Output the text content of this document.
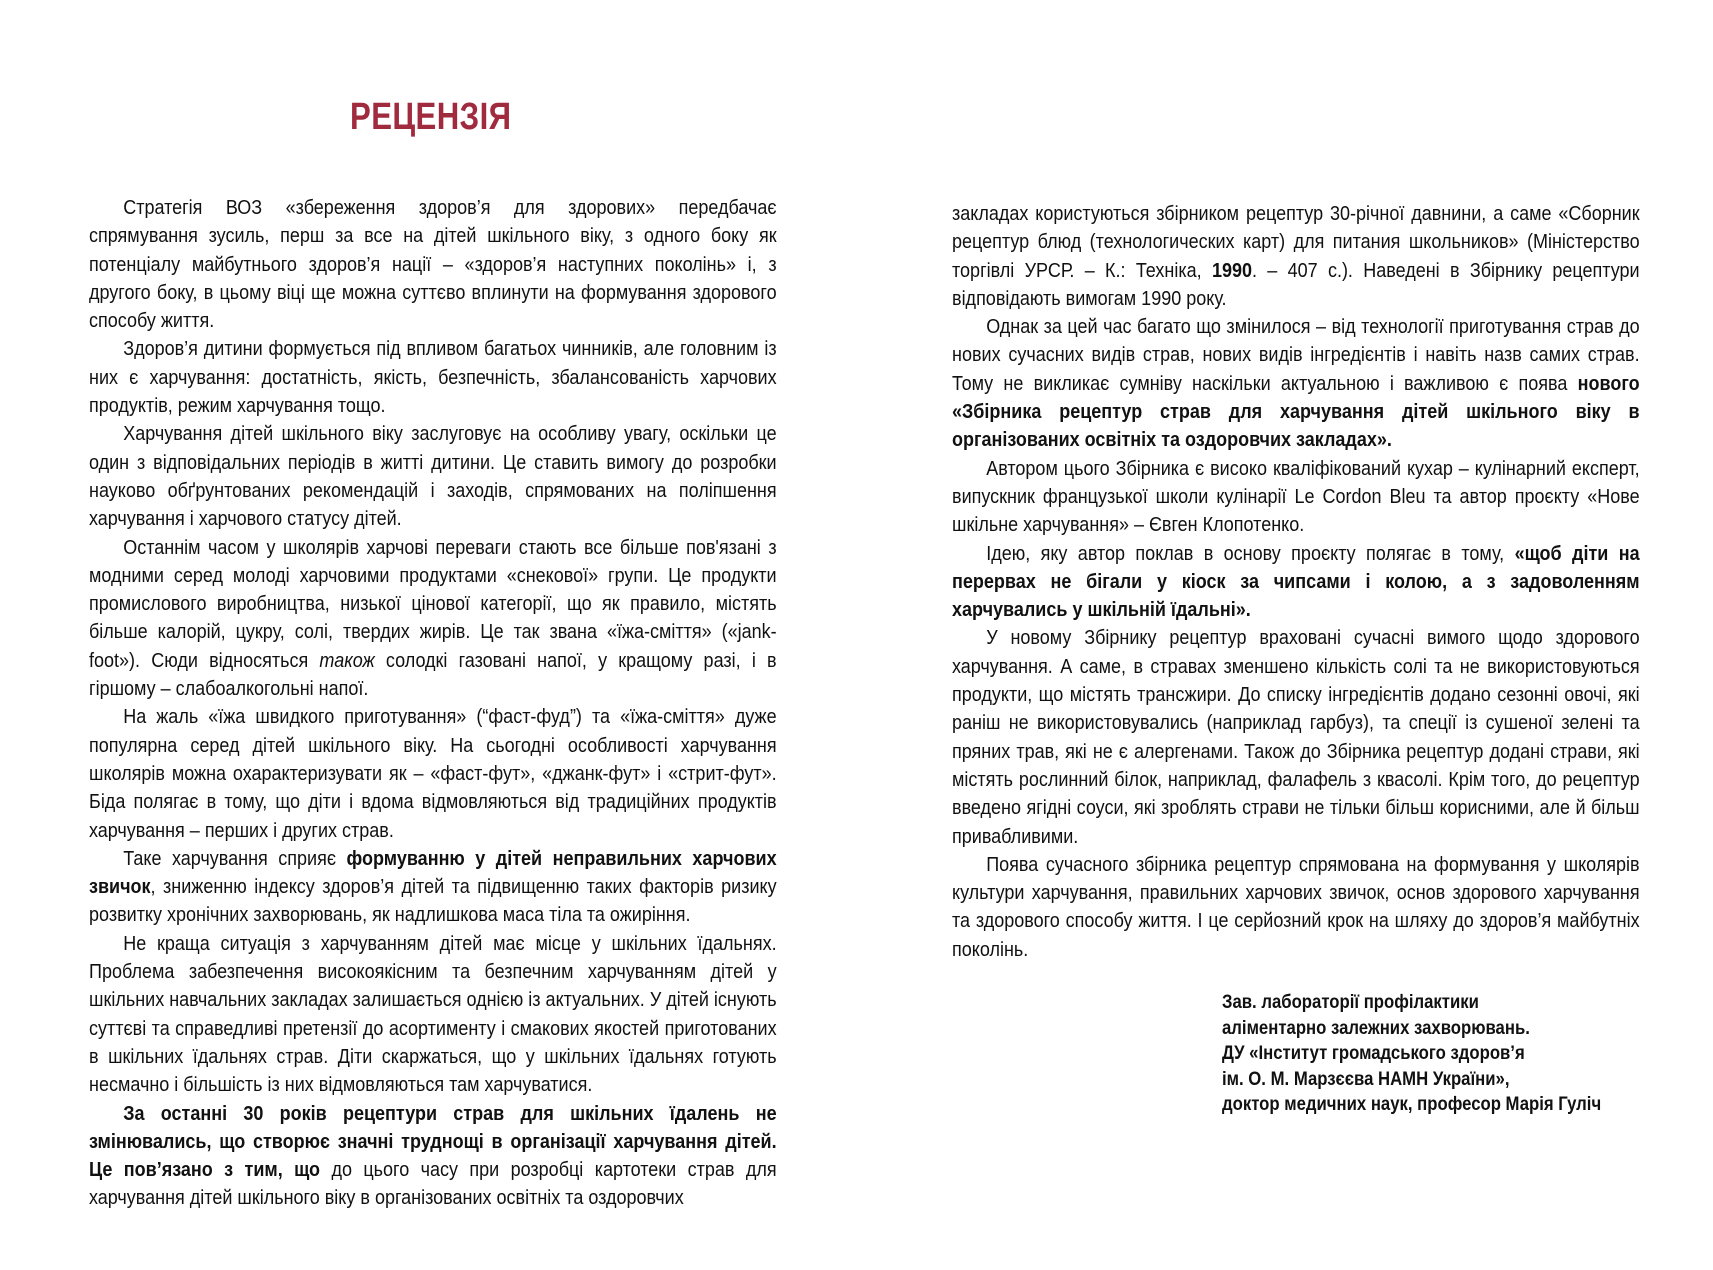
РЕЦЕНЗІЯ

Стратегія ВОЗ «збереження здоров’я для здорових» передбачає спрямування зусиль, перш за все на дітей шкільного віку, з одного боку як потенціалу майбутнього здоров’я нації – «здоров’я наступних поколінь» і, з другого боку, в цьому віці ще можна суттєво вплинути на формування здорового способу життя.

Здоров’я дитини формується під впливом багатьох чинників, але головним із них є харчування: достатність, якість, безпечність, збалансованість харчових продуктів, режим харчування тощо.

Харчування дітей шкільного віку заслуговує на особливу увагу, оскільки це один з відповідальних періодів в житті дитини. Це ставить вимогу до розробки науково обґрунтованих рекомендацій і заходів, спрямованих на поліпшення харчування і харчового статусу дітей.

Останнім часом у школярів харчові переваги стають все більше пов'язані з модними серед молоді харчовими продуктами «снекової» групи. Це продукти промислового виробництва, низької цінової категорії, що як правило, містять більше калорій, цукру, солі, твердих жирів. Це так звана «їжа-сміття» («jank-foot»). Сюди відносяться також солодкі газовані напої, у кращому разі, і в гіршому – слабоалкогольні напої.

На жаль «їжа швидкого приготування» (“фаст-фуд”) та «їжа-сміття» дуже популярна серед дітей шкільного віку. На сьогодні особливості харчування школярів можна охарактеризувати як – «фаст-фут», «джанк-фут» і «стрит-фут». Біда полягає в тому, що діти і вдома відмовляються від традиційних продуктів харчування – перших і других страв.

Таке харчування сприяє формуванню у дітей неправильних харчових звичок, зниженню індексу здоров’я дітей та підвищенню таких факторів ризику розвитку хронічних захворювань, як надлишкова маса тіла та ожиріння.

Не краща ситуація з харчуванням дітей має місце у шкільних їдальнях. Проблема забезпечення високоякісним та безпечним харчуванням дітей у шкільних навчальних закладах залишається однією із актуальних. У дітей існують суттєві та справедливі претензії до асортименту і смакових якостей приготованих в шкільних їдальнях страв. Діти скаржаться, що у шкільних їдальнях готують несмачно і більшість із них відмовляються там харчуватися.

За останні 30 років рецептури страв для шкільних їдалень не змінювались, що створює значні труднощі в організації харчування дітей. Це пов’язано з тим, що до цього часу при розробці картотеки страв для харчування дітей шкільного віку в організованих освітніх та оздоровчих

закладах користуються збірником рецептур 30-річної давнини, а саме «Сборник рецептур блюд (технологических карт) для питания школьников» (Міністерство торгівлі УРСР. – К.: Техніка, 1990. – 407 с.). Наведені в Збірнику рецептури відповідають вимогам 1990 року.

Однак за цей час багато що змінилося – від технології приготування страв до нових сучасних видів страв, нових видів інгредієнтів і навіть назв самих страв. Тому не викликає сумніву наскільки актуальною і важливою є поява нового «Збірника рецептур страв для харчування дітей шкільного віку в організованих освітніх та оздоровчих закладах».

Автором цього Збірника є високо кваліфікований кухар – кулінарний експерт, випускник французької школи кулінарії Le Cordon Bleu та автор проєкту «Нове шкільне харчування» – Євген Клопотенко.

Ідею, яку автор поклав в основу проєкту полягає в тому, «щоб діти на перервах не бігали у кіоск за чипсами і колою, а з задоволенням харчувались у шкільній їдальні».

У новому Збірнику рецептур враховані сучасні вимого щодо здорового харчування. А саме, в стравах зменшено кількість солі та не використовуються продукти, що містять трансжири. До списку інгредієнтів додано сезонні овочі, які раніш не використовувались (наприклад гарбуз), та спеції із сушеної зелені та пряних трав, які не є алергенами. Також до Збірника рецептур додані страви, які містять рослинний білок, наприклад, фалафель з квасолі. Крім того, до рецептур введено ягідні соуси, які зроблять страви не тільки більш корисними, але й більш привабливими.

Поява сучасного збірника рецептур спрямована на формування у школярів культури харчування, правильних харчових звичок, основ здорового харчування та здорового способу життя. І це серйозний крок на шляху до здоров’я майбутніх поколінь.

Зав. лабораторії профілактики
аліментарно залежних захворювань.
ДУ «Інститут громадського здоров’я
ім. О. М. Марзєєва НАМН України»,
доктор медичних наук, професор Марія Гуліч
